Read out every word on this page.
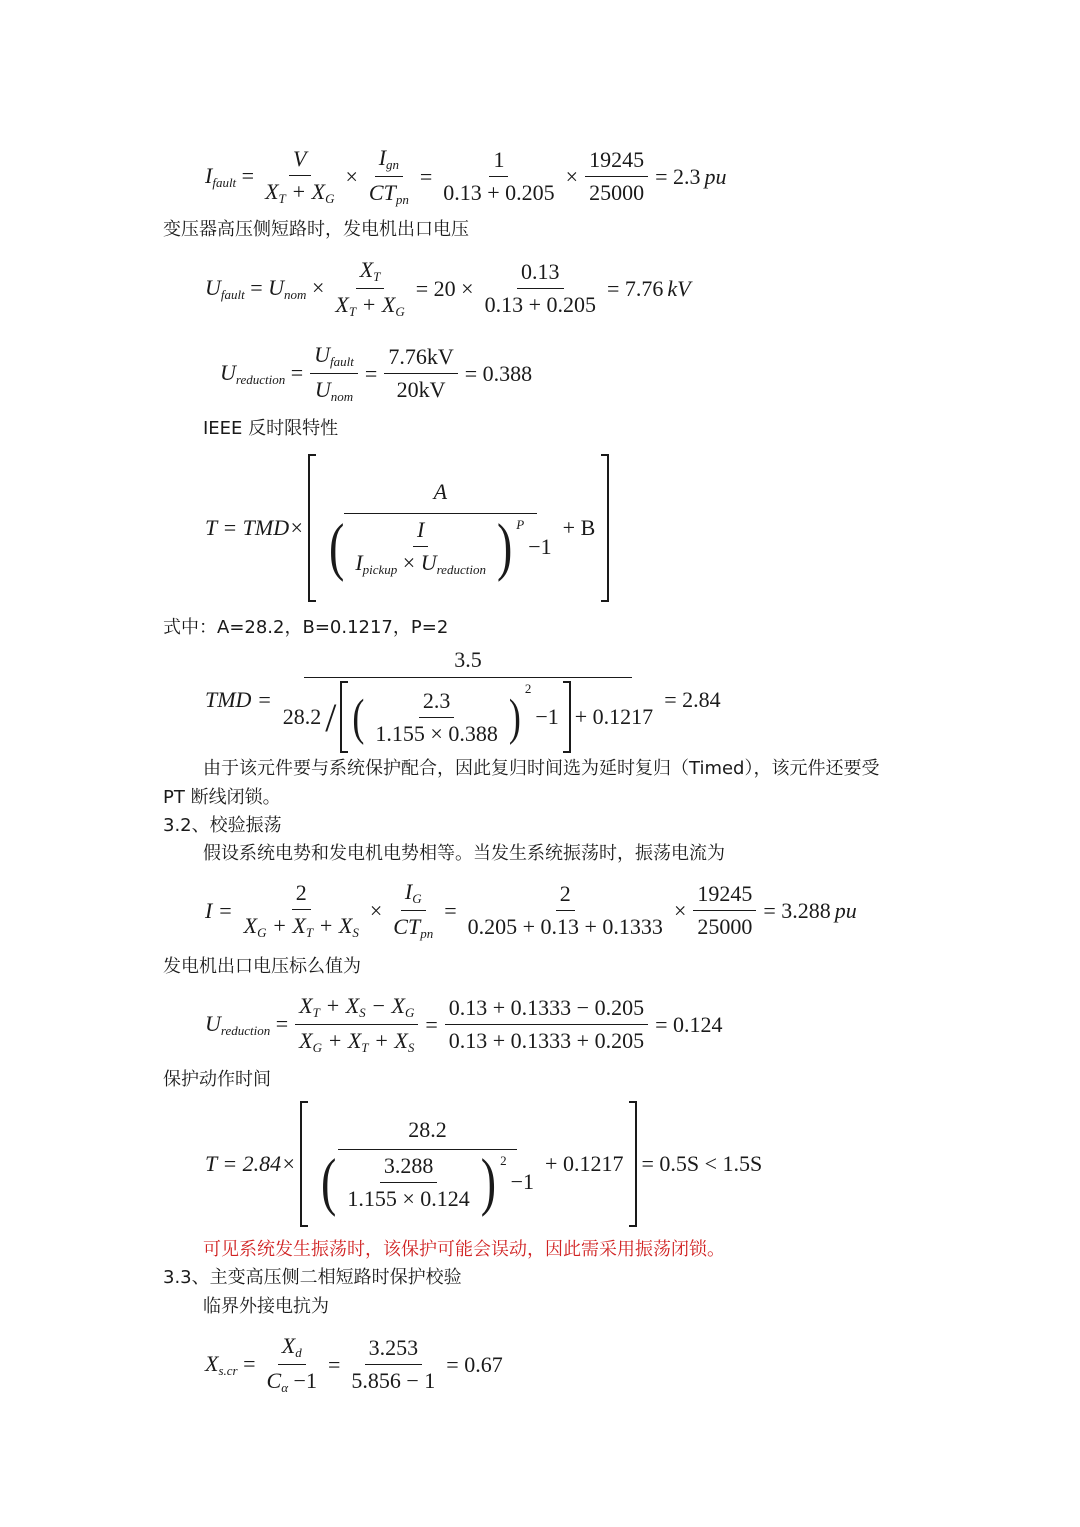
$I_{fault} = \frac{V}{X_T + X_G} \times \frac{I_{gn}}{CT_{pn}} = \frac{1}{0.13 + 0.205} \times \frac{19245}{25000} = 2.3$ pu
变压器高压侧短路时，发电机出口电压
$U_{fault} = U_{nom} \times \frac{X_T}{X_T + X_G} = 20 \times \frac{0.13}{0.13 + 0.205} = 7.76$ kV
$U_{reduction} = \frac{U_{fault}}{U_{nom}} = \frac{7.76kV}{20kV} = 0.388$
IEEE 反时限特性
T = TMD× A
( $\frac{I}{I_{pickup} \times U_{reduction}}$ ) $^P$
−1 + B
式中：A=28.2，B=0.1217，P=2
TMD =
3.5
28.2 / ( $\frac{2.3}{1.155 \times 0.388}$ )
$^2$
−1 + 0.1217
= 2.84
由于该元件要与系统保护配合，因此复归时间选为延时复归（Timed），该元件还要受
PT 断线闭锁。
3.2、校验振荡
假设系统电势和发电机电势相等。当发生系统振荡时，振荡电流为
$I = \frac{2}{X_G + X_T + X_S} \times \frac{I_G}{CT_{pn}} = \frac{2}{0.205 + 0.13 + 0.1333} \times \frac{19245}{25000} = 3.288$ pu
发电机出口电压标么值为
$U_{reduction} = \frac{X_T + X_S - X_G}{X_G + X_T + X_S} = \frac{0.13 + 0.1333 - 0.205}{0.13 + 0.1333 + 0.205} = 0.124$
保护动作时间
T = 2.84× 28.2
( $\frac{3.288}{1.155 \times 0.124}$ ) $^2$
−1 + 0.1217 = 0.5S < 1.5S
可见系统发生振荡时，该保护可能会误动，因此需采用振荡闭锁。
3.3、主变高压侧二相短路时保护校验
临界外接电抗为
$X_{s.cr} = \frac{X_d}{C_\alpha -1} = \frac{3.253}{5.856 - 1} = 0.67$
